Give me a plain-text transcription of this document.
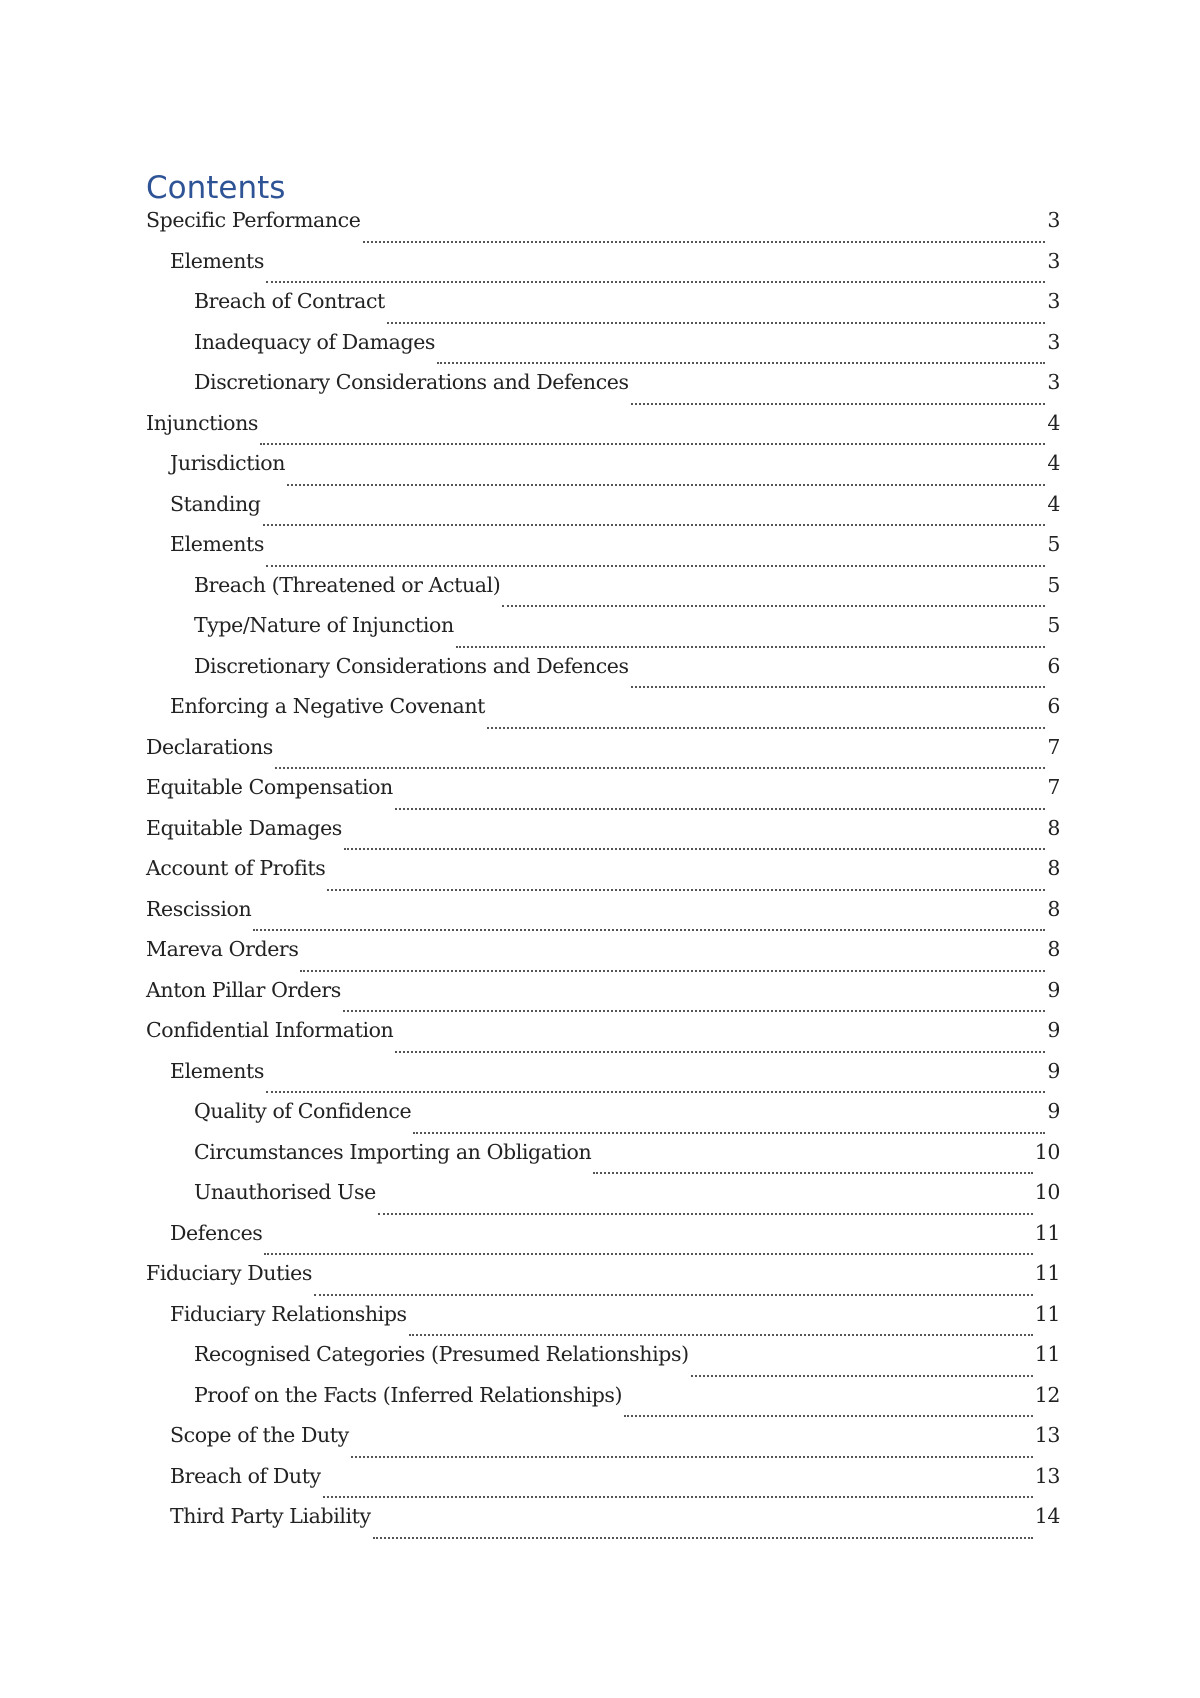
Contents
Specific Performance	3
Elements	3
Breach of Contract	3
Inadequacy of Damages	3
Discretionary Considerations and Defences	3
Injunctions	4
Jurisdiction	4
Standing	4
Elements	5
Breach (Threatened or Actual)	5
Type/Nature of Injunction	5
Discretionary Considerations and Defences	6
Enforcing a Negative Covenant	6
Declarations	7
Equitable Compensation	7
Equitable Damages	8
Account of Profits	8
Rescission	8
Mareva Orders	8
Anton Pillar Orders	9
Confidential Information	9
Elements	9
Quality of Confidence	9
Circumstances Importing an Obligation	10
Unauthorised Use	10
Defences	11
Fiduciary Duties	11
Fiduciary Relationships	11
Recognised Categories (Presumed Relationships)	11
Proof on the Facts (Inferred Relationships)	12
Scope of the Duty	13
Breach of Duty	13
Third Party Liability	14
